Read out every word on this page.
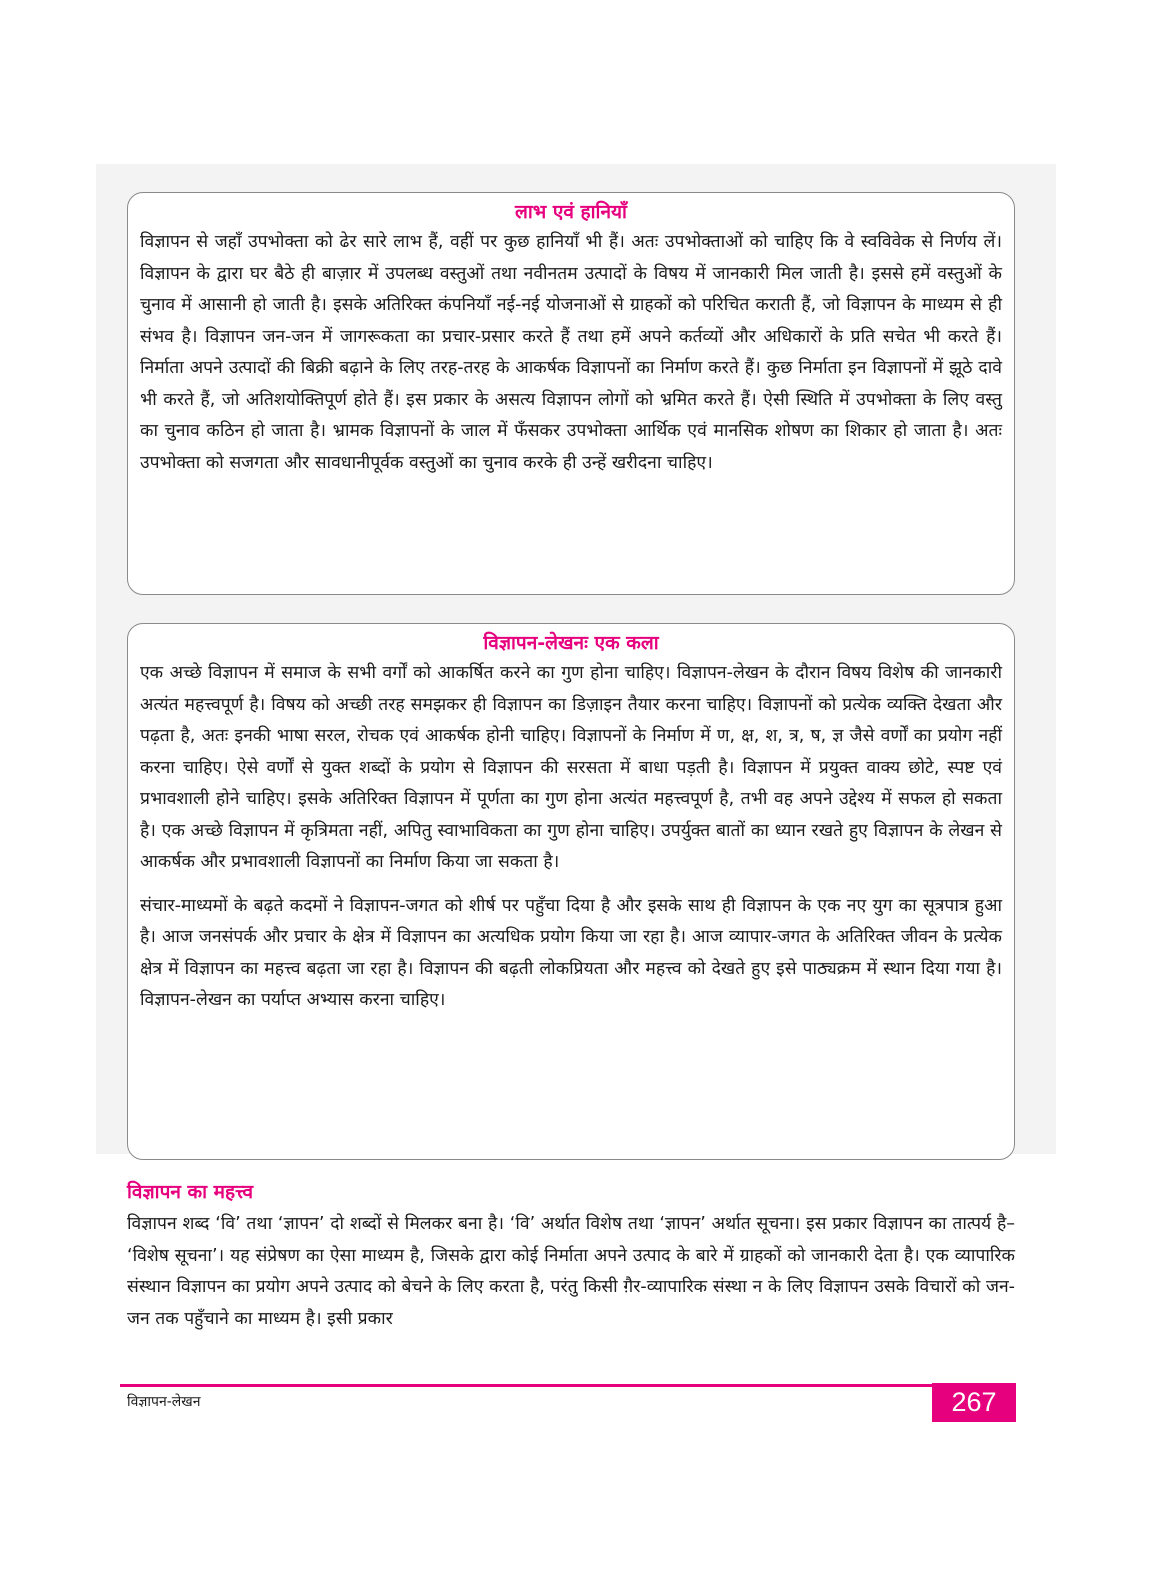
लाभ एवं हानियाँ

विज्ञापन से जहाँ उपभोक्ता को ढेर सारे लाभ हैं, वहीं पर कुछ हानियाँ भी हैं। अतः उपभोक्ताओं को चाहिए कि वे स्वविवेक से निर्णय लें। विज्ञापन के द्वारा घर बैठे ही बाज़ार में उपलब्ध वस्तुओं तथा नवीनतम उत्पादों के विषय में जानकारी मिल जाती है। इससे हमें वस्तुओं के चुनाव में आसानी हो जाती है। इसके अतिरिक्त कंपनियाँ नई-नई योजनाओं से ग्राहकों को परिचित कराती हैं, जो विज्ञापन के माध्यम से ही संभव है। विज्ञापन जन-जन में जागरूकता का प्रचार-प्रसार करते हैं तथा हमें अपने कर्तव्यों और अधिकारों के प्रति सचेत भी करते हैं। निर्माता अपने उत्पादों की बिक्री बढ़ाने के लिए तरह-तरह के आकर्षक विज्ञापनों का निर्माण करते हैं। कुछ निर्माता इन विज्ञापनों में झूठे दावे भी करते हैं, जो अतिशयोक्तिपूर्ण होते हैं। इस प्रकार के असत्य विज्ञापन लोगों को भ्रमित करते हैं। ऐसी स्थिति में उपभोक्ता के लिए वस्तु का चुनाव कठिन हो जाता है। भ्रामक विज्ञापनों के जाल में फँसकर उपभोक्ता आर्थिक एवं मानसिक शोषण का शिकार हो जाता है। अतः उपभोक्ता को सजगता और सावधानीपूर्वक वस्तुओं का चुनाव करके ही उन्हें खरीदना चाहिए।

विज्ञापन-लेखनः एक कला

एक अच्छे विज्ञापन में समाज के सभी वर्गों को आकर्षित करने का गुण होना चाहिए। विज्ञापन-लेखन के दौरान विषय विशेष की जानकारी अत्यंत महत्त्वपूर्ण है। विषय को अच्छी तरह समझकर ही विज्ञापन का डिज़ाइन तैयार करना चाहिए। विज्ञापनों को प्रत्येक व्यक्ति देखता और पढ़ता है, अतः इनकी भाषा सरल, रोचक एवं आकर्षक होनी चाहिए। विज्ञापनों के निर्माण में ण, क्ष, श, त्र, ष, ज्ञ जैसे वर्णों का प्रयोग नहीं करना चाहिए। ऐसे वर्णों से युक्त शब्दों के प्रयोग से विज्ञापन की सरसता में बाधा पड़ती है। विज्ञापन में प्रयुक्त वाक्य छोटे, स्पष्ट एवं प्रभावशाली होने चाहिए। इसके अतिरिक्त विज्ञापन में पूर्णता का गुण होना अत्यंत महत्त्वपूर्ण है, तभी वह अपने उद्देश्य में सफल हो सकता है। एक अच्छे विज्ञापन में कृत्रिमता नहीं, अपितु स्वाभाविकता का गुण होना चाहिए। उपर्युक्त बातों का ध्यान रखते हुए विज्ञापन के लेखन से आकर्षक और प्रभावशाली विज्ञापनों का निर्माण किया जा सकता है।

संचार-माध्यमों के बढ़ते कदमों ने विज्ञापन-जगत को शीर्ष पर पहुँचा दिया है और इसके साथ ही विज्ञापन के एक नए युग का सूत्रपात्र हुआ है। आज जनसंपर्क और प्रचार के क्षेत्र में विज्ञापन का अत्यधिक प्रयोग किया जा रहा है। आज व्यापार-जगत के अतिरिक्त जीवन के प्रत्येक क्षेत्र में विज्ञापन का महत्त्व बढ़ता जा रहा है। विज्ञापन की बढ़ती लोकप्रियता और महत्त्व को देखते हुए इसे पाठ्यक्रम में स्थान दिया गया है। विज्ञापन-लेखन का पर्याप्त अभ्यास करना चाहिए।

विज्ञापन का महत्त्व

विज्ञापन शब्द ‘वि’ तथा ‘ज्ञापन’ दो शब्दों से मिलकर बना है। ‘वि’ अर्थात विशेष तथा ‘ज्ञापन’ अर्थात सूचना। इस प्रकार विज्ञापन का तात्पर्य है– ‘विशेष सूचना’। यह संप्रेषण का ऐसा माध्यम है, जिसके द्वारा कोई निर्माता अपने उत्पाद के बारे में ग्राहकों को जानकारी देता है। एक व्यापारिक संस्थान विज्ञापन का प्रयोग अपने उत्पाद को बेचने के लिए करता है, परंतु किसी ग़ैर-व्यापारिक संस्था न के लिए विज्ञापन उसके विचारों को जन-जन तक पहुँचाने का माध्यम है। इसी प्रकार

विज्ञापन-लेखन	267
